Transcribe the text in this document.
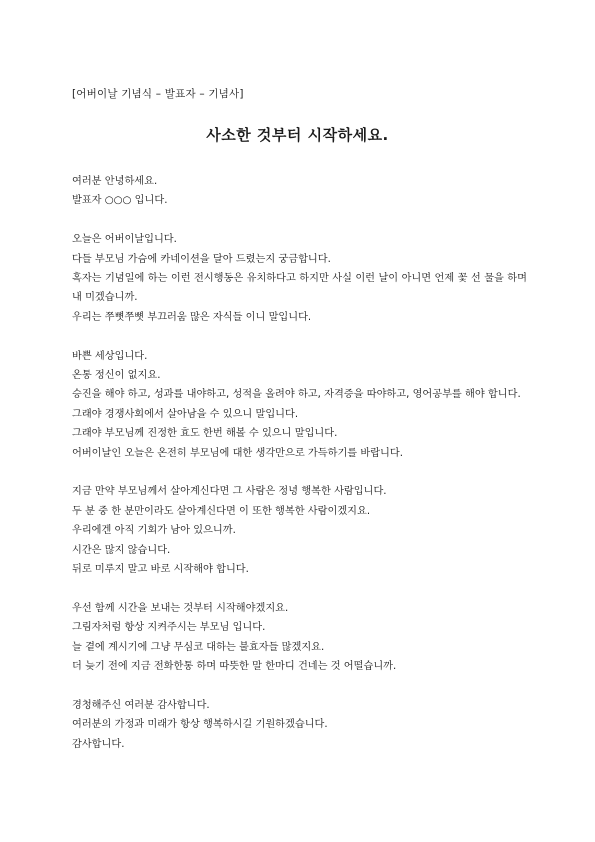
[어버이날 기념식 – 발표자 – 기념사]
사소한 것부터 시작하세요.
여러분 안녕하세요.
발표자 ○○○ 입니다.
오늘은 어버이날입니다.
다들 부모님 가슴에 카네이션을 달아 드렸는지 궁금합니다.
혹자는 기념일에 하는 이런 전시행동은 유치하다고 하지만 사실 이런 날이 아니면 언제 꽃 선 물을 하며 내 미겠습니까.
우리는 쭈뼛쭈뼛 부끄러움 많은 자식들 이니 말입니다.
바쁜 세상입니다.
온통 정신이 없지요.
승진을 해야 하고, 성과를 내야하고, 성적을 올려야 하고, 자격증을 따야하고, 영어공부를 해야 합니다.
그래야 경쟁사회에서 살아남을 수 있으니 말입니다.
그래야 부모님께 진정한 효도 한번 해볼 수 있으니 말입니다.
어버이날인 오늘은 온전히 부모님에 대한 생각만으로 가득하기를 바랍니다.
지금 만약 부모님께서 살아계신다면 그 사람은 정녕 행복한 사람입니다.
두 분 중 한 분만이라도 살아계신다면 이 또한 행복한 사람이겠지요.
우리에겐 아직 기회가 남아 있으니까.
시간은 많지 않습니다.
뒤로 미루지 말고 바로 시작해야 합니다.
우선 함께 시간을 보내는 것부터 시작해야겠지요.
그림자처럼 항상 지켜주시는 부모님 입니다.
늘 곁에 계시기에 그냥 무심코 대하는 불효자들 많겠지요.
더 늦기 전에 지금 전화한통 하며 따뜻한 말 한마디 건네는 것 어떨습니까.
경청해주신 여러분 감사합니다.
여러분의 가정과 미래가 항상 행복하시길 기원하겠습니다.
감사합니다.
